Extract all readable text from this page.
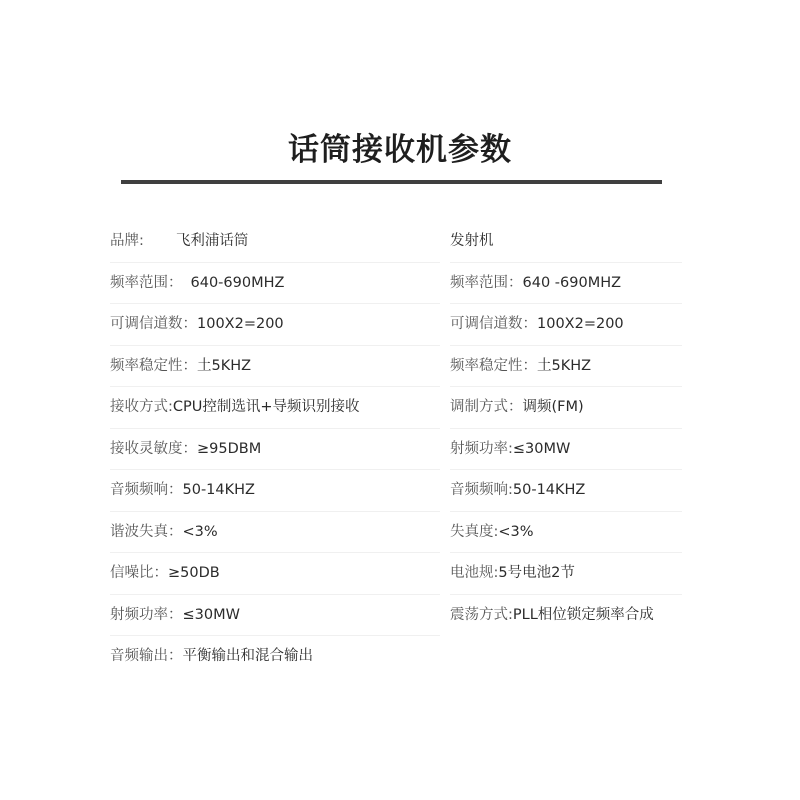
话筒接收机参数
品牌: 飞利浦话筒
频率范围： 640-690MHZ
可调信道数：100X2=200
频率稳定性：土5KHZ
接收方式:CPU控制选讯+导频识别接收
接收灵敏度：≥95DBM
音频频响：50-14KHZ
谐波失真：<3%
信噪比：≥50DB
射频功率：≤30MW
音频输出：平衡输出和混合输出
发射机
频率范围：640 -690MHZ
可调信道数：100X2=200
频率稳定性：土5KHZ
调制方式：调频(FM)
射频功率:≤30MW
音频频响:50-14KHZ
失真度:<3%
电池规:5号电池2节
震荡方式:PLL相位锁定频率合成
